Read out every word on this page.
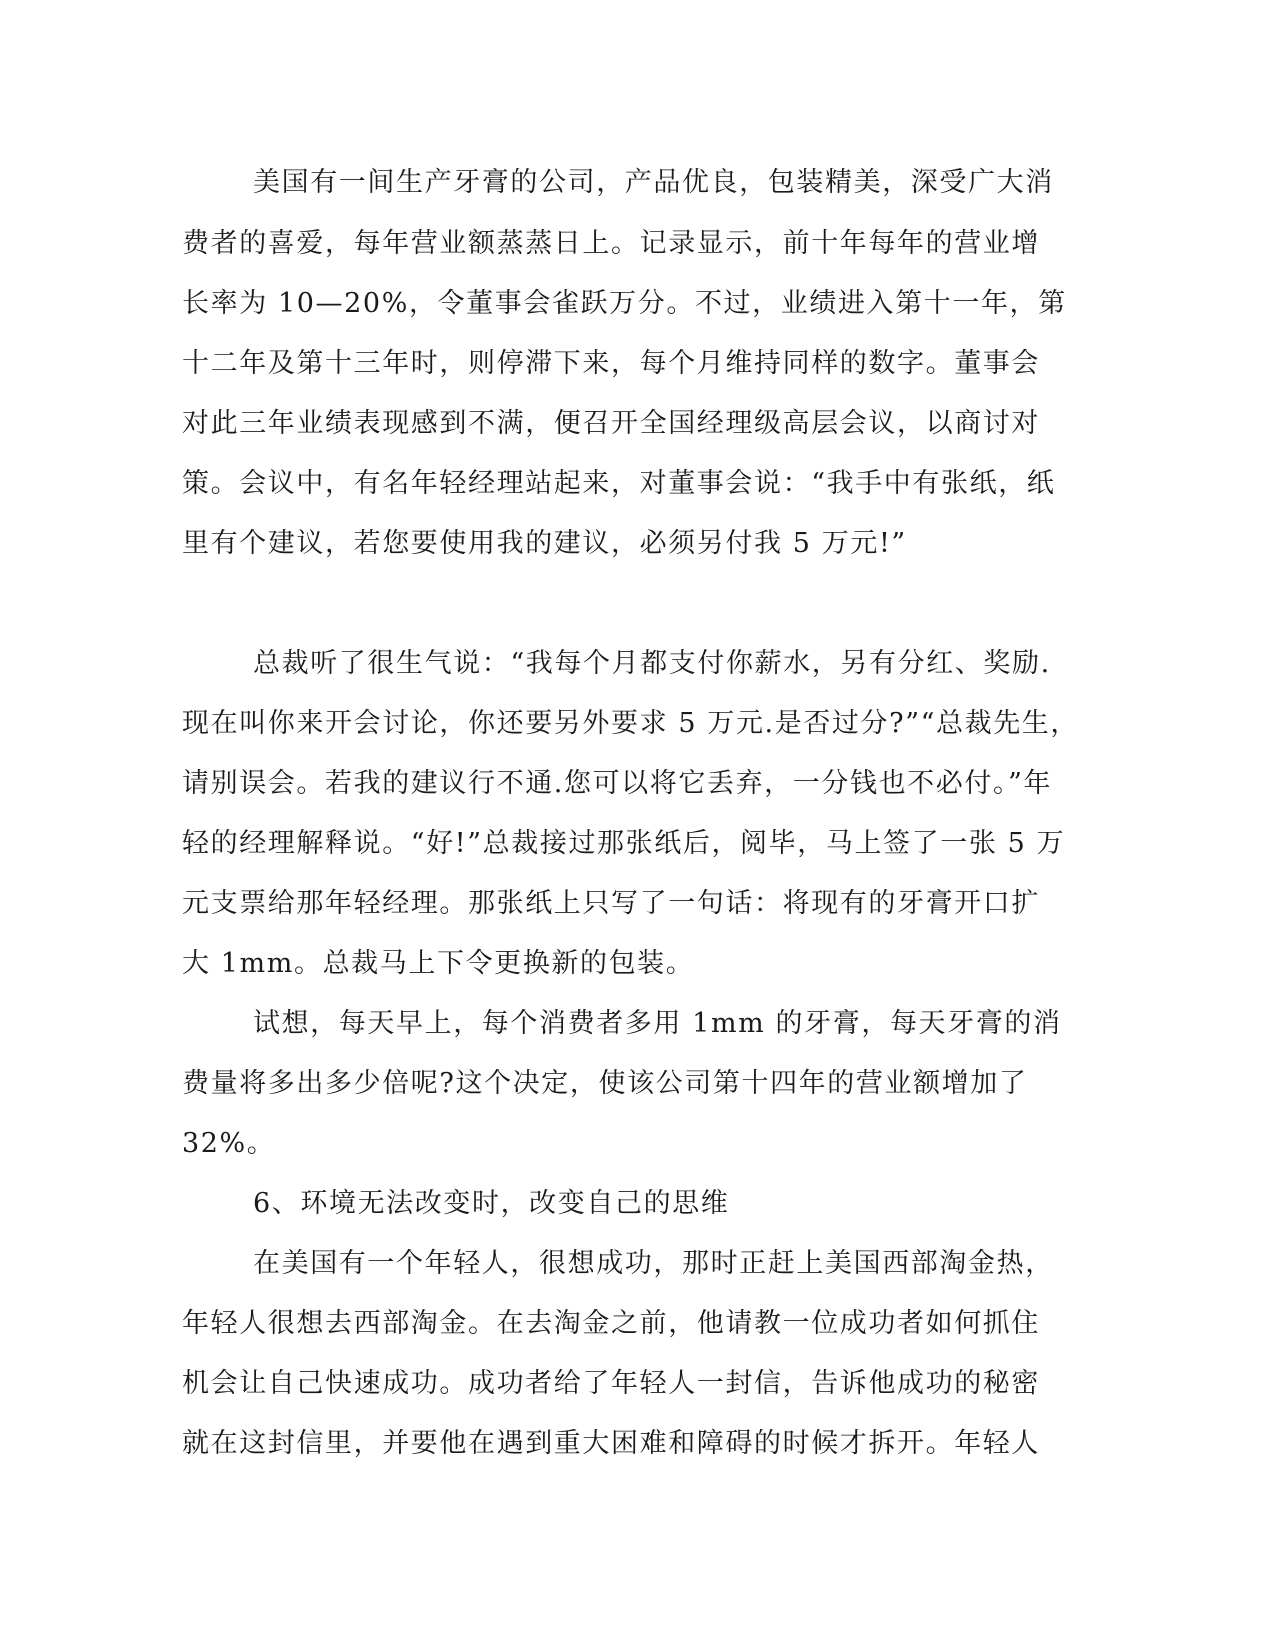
美国有一间生产牙膏的公司，产品优良，包装精美，深受广大消
费者的喜爱，每年营业额蒸蒸日上。记录显示，前十年每年的营业增
长率为 10—20%，令董事会雀跃万分。不过，业绩进入第十一年，第
十二年及第十三年时，则停滞下来，每个月维持同样的数字。董事会
对此三年业绩表现感到不满，便召开全国经理级高层会议，以商讨对
策。会议中，有名年轻经理站起来，对董事会说：“我手中有张纸，纸
里有个建议，若您要使用我的建议，必须另付我 5 万元!”
总裁听了很生气说：“我每个月都支付你薪水，另有分红、奖励.
现在叫你来开会讨论，你还要另外要求 5 万元.是否过分?”“总裁先生，
请别误会。若我的建议行不通.您可以将它丢弃，一分钱也不必付。”年
轻的经理解释说。“好!”总裁接过那张纸后，阅毕，马上签了一张 5 万
元支票给那年轻经理。那张纸上只写了一句话：将现有的牙膏开口扩
大 1mm。总裁马上下令更换新的包装。
试想，每天早上，每个消费者多用 1mm 的牙膏，每天牙膏的消
费量将多出多少倍呢?这个决定，使该公司第十四年的营业额增加了
32%。
6、环境无法改变时，改变自己的思维
在美国有一个年轻人，很想成功，那时正赶上美国西部淘金热，
年轻人很想去西部淘金。在去淘金之前，他请教一位成功者如何抓住
机会让自己快速成功。成功者给了年轻人一封信，告诉他成功的秘密
就在这封信里，并要他在遇到重大困难和障碍的时候才拆开。年轻人
